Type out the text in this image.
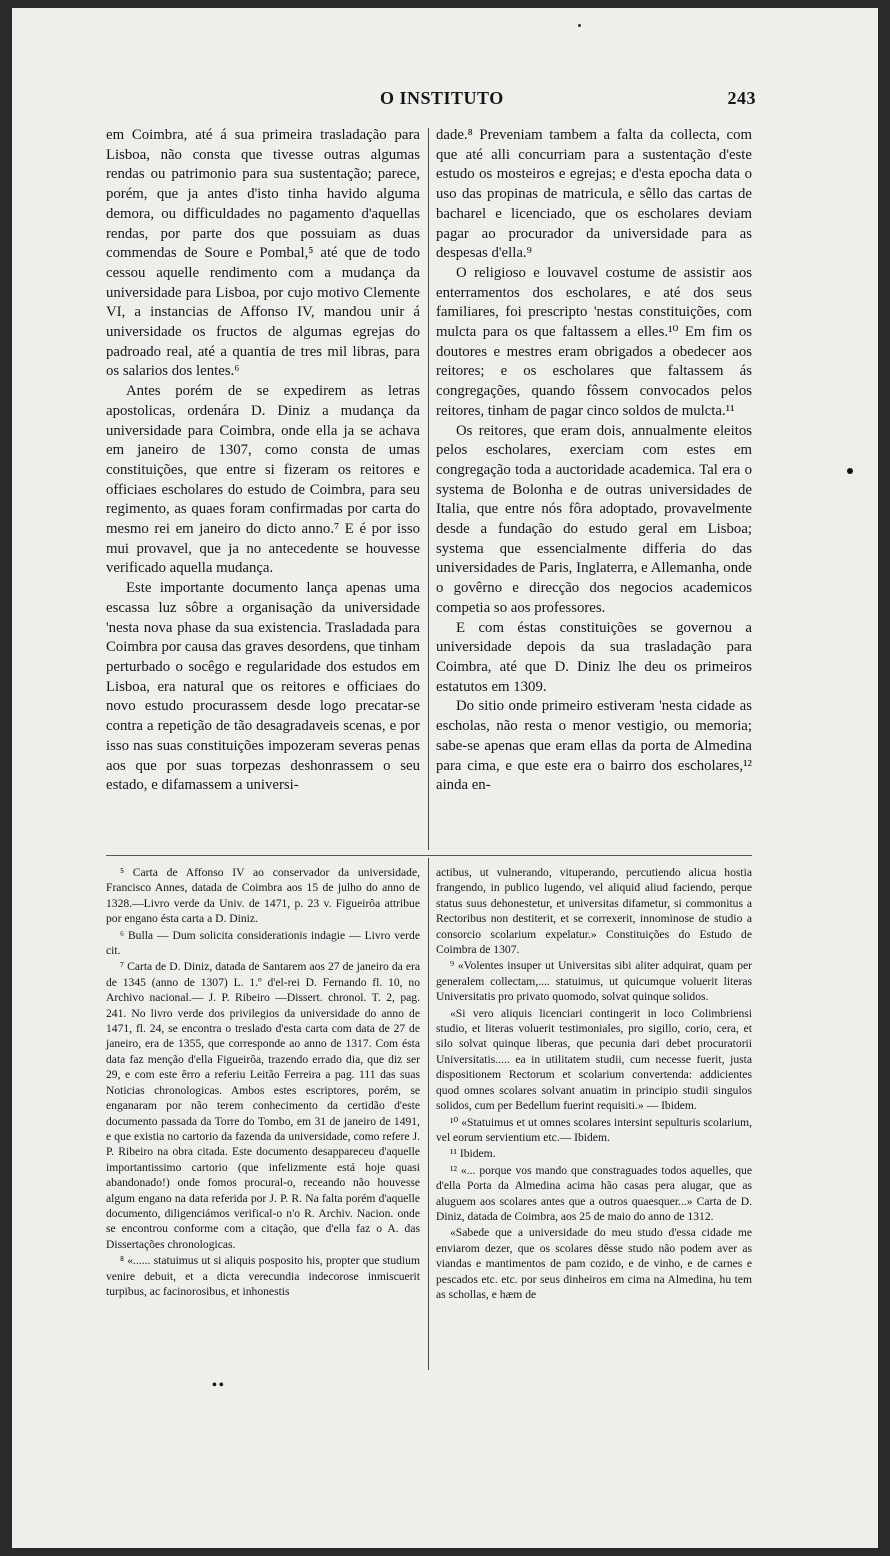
O INSTITUTO	243

em Coimbra, até á sua primeira trasladação para Lisboa, não consta que tivesse outras algumas rendas ou patrimonio para sua sustentação; parece, porém, que ja antes d'isto tinha havido alguma demora, ou difficuldades no pagamento d'aquellas rendas, por parte dos que possuiam as duas commendas de Soure e Pombal,⁵ até que de todo cessou aquelle rendimento com a mudança da universidade para Lisboa, por cujo motivo Clemente VI, a instancias de Affonso IV, mandou unir á universidade os fructos de algumas egrejas do padroado real, até a quantia de tres mil libras, para os salarios dos lentes.⁶

Antes porém de se expedirem as letras apostolicas, ordenára D. Diniz a mudança da universidade para Coimbra, onde ella ja se achava em janeiro de 1307, como consta de umas constituições, que entre si fizeram os reitores e officiaes escholares do estudo de Coimbra, para seu regimento, as quaes foram confirmadas por carta do mesmo rei em janeiro do dicto anno.⁷ E é por isso mui provavel, que ja no antecedente se houvesse verificado aquella mudança.

Este importante documento lança apenas uma escassa luz sôbre a organisação da universidade 'nesta nova phase da sua existencia. Trasladada para Coimbra por causa das graves desordens, que tinham perturbado o socêgo e regularidade dos estudos em Lisboa, era natural que os reitores e officiaes do novo estudo procurassem desde logo precatar-se contra a repetição de tão desagradaveis scenas, e por isso nas suas constituições impozeram severas penas aos que por suas torpezas deshonrassem o seu estado, e difamassem a universi-

dade.⁸ Preveniam tambem a falta da collecta, com que até alli concurriam para a sustentação d'este estudo os mosteiros e egrejas; e d'esta epocha data o uso das propinas de matricula, e sêllo das cartas de bacharel e licenciado, que os escholares deviam pagar ao procurador da universidade para as despesas d'ella.⁹

O religioso e louvavel costume de assistir aos enterramentos dos escholares, e até dos seus familiares, foi prescripto 'nestas constituições, com mulcta para os que faltassem a elles.¹⁰ Em fim os doutores e mestres eram obrigados a obedecer aos reitores; e os escholares que faltassem ás congregações, quando fôssem convocados pelos reitores, tinham de pagar cinco soldos de mulcta.¹¹

Os reitores, que eram dois, annualmente eleitos pelos escholares, exerciam com estes em congregação toda a auctoridade academica. Tal era o systema de Bolonha e de outras universidades de Italia, que entre nós fôra adoptado, provavelmente desde a fundação do estudo geral em Lisboa; systema que essencialmente differia do das universidades de Paris, Inglaterra, e Allemanha, onde o govêrno e direcção dos negocios academicos competia so aos professores.

E com éstas constituições se governou a universidade depois da sua trasladação para Coimbra, até que D. Diniz lhe deu os primeiros estatutos em 1309.

Do sitio onde primeiro estiveram 'nesta cidade as escholas, não resta o menor vestigio, ou memoria; sabe-se apenas que eram ellas da porta de Almedina para cima, e que este era o bairro dos escholares,¹² ainda en-

⁵ Carta de Affonso IV ao conservador da universidade, Francisco Annes, datada de Coimbra aos 15 de julho do anno de 1328.—Livro verde da Univ. de 1471, p. 23 v. Figueirôa attribue por engano ésta carta a D. Diniz.

⁶ Bulla — Dum solicita considerationis indagie — Livro verde cit.

⁷ Carta de D. Diniz, datada de Santarem aos 27 de janeiro da era de 1345 (anno de 1307) L. 1.º d'el-rei D. Fernando fl. 10, no Archivo nacional.— J. P. Ribeiro —Dissert. chronol. T. 2, pag. 241. No livro verde dos privilegios da universidade do anno de 1471, fl. 24, se encontra o treslado d'esta carta com data de 27 de janeiro, era de 1355, que corresponde ao anno de 1317. Com ésta data faz menção d'ella Figueirôa, trazendo errado dia, que diz ser 29, e com este êrro a referiu Leitão Ferreira a pag. 111 das suas Noticias chronologicas. Ambos estes escriptores, porém, se enganaram por não terem conhecimento da certidão d'este documento passada da Torre do Tombo, em 31 de janeiro de 1491, e que existia no cartorio da fazenda da universidade, como refere J. P. Ribeiro na obra citada. Este documento desappareceu d'aquelle importantissimo cartorio (que infelizmente está hoje quasi abandonado!) onde fomos procural-o, receando não houvesse algum engano na data referida por J. P. R. Na falta porém d'aquelle documento, diligenciámos verifical-o n'o R. Archiv. Nacion. onde se encontrou conforme com a citação, que d'ella faz o A. das Dissertações chronologicas.

⁸ «...... statuimus ut si aliquis posposito his, propter que studium venire debuit, et a dicta verecundia indecorose inmiscuerit turpibus, ac facinorosibus, et inhonestis

actibus, ut vulnerando, vituperando, percutiendo alicua hostia frangendo, in publico lugendo, vel aliquid aliud faciendo, perque status suus dehonestetur, et universitas difametur, si commonitus a Rectoribus non destiterit, et se correxerit, innominose de studio a consorcio scolarium expelatur.» Constituições do Estudo de Coimbra de 1307.

⁹ «Volentes insuper ut Universitas sibi aliter adquirat, quam per generalem collectam,.... statuimus, ut quicumque voluerit literas Universitatis pro privato quomodo, solvat quinque solidos.

«Si vero aliquis licenciari contingerit in loco Colimbriensi studio, et literas voluerit testimoniales, pro sigillo, corio, cera, et silo solvat quinque liberas, que pecunia dari debet procuratorii Universitatis..... ea in utilitatem studii, cum necesse fuerit, justa dispositionem Rectorum et scolarium convertenda: addicientes quod omnes scolares solvant anuatim in principio studii singulos solidos, cum per Bedellum fuerint requisiti.» — Ibidem.

¹⁰ «Statuimus et ut omnes scolares intersint sepulturis scolarium, vel eorum servientium etc.— Ibidem.

¹¹ Ibidem.

¹² «... porque vos mando que constraguades todos aquelles, que d'ella Porta da Almedina acima hão casas pera alugar, que as aluguem aos scolares antes que a outros quaesquer...» Carta de D. Diniz, datada de Coimbra, aos 25 de maio do anno de 1312.

«Sabede que a universidade do meu studo d'essa cidade me enviarom dezer, que os scolares dêsse studo não podem aver as viandas e mantimentos de pam cozido, e de vinho, e de carnes e pescados etc. etc. por seus dinheiros em cima na Almedina, hu tem as schollas, e hæm de

••
